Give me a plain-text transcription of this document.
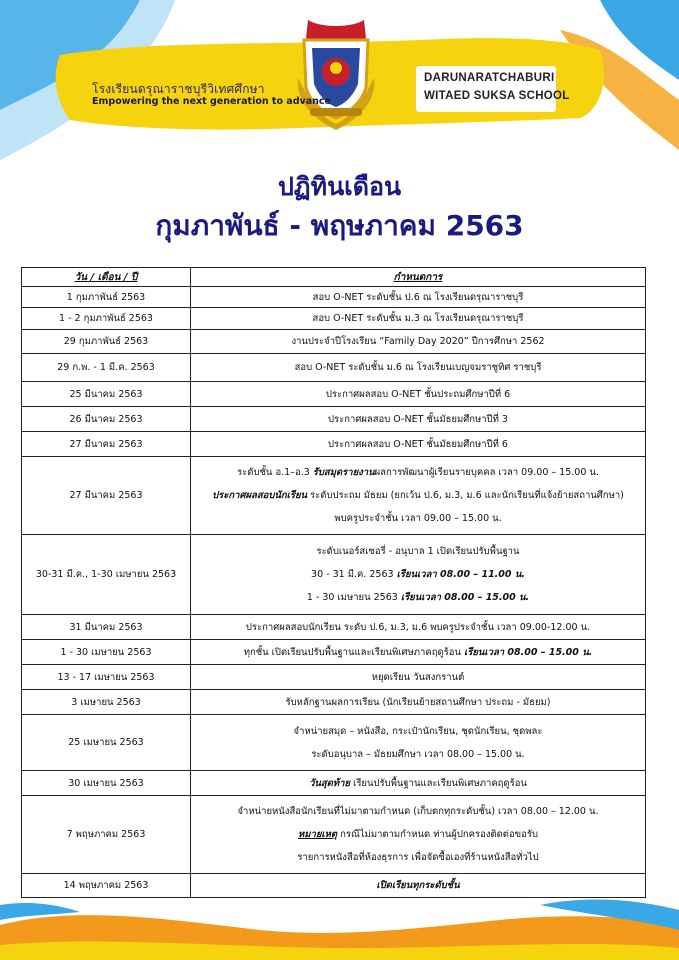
โรงเรียนดรุณาราชบุรีวิเทศศึกษา
Empowering the next generation to advance
DARUNARATCHABURI
WITAED SUKSA SCHOOL
ปฏิทินเดือน
กุมภาพันธ์ - พฤษภาคม 2563
วัน / เดือน / ปี	กำหนดการ
1 กุมภาพันธ์ 2563	สอบ O-NET ระดับชั้น ป.6 ณ โรงเรียนดรุณาราชบุรี
1 - 2 กุมภาพันธ์ 2563	สอบ O-NET ระดับชั้น ม.3 ณ โรงเรียนดรุณาราชบุรี
29 กุมภาพันธ์ 2563	งานประจำปีโรงเรียน “Family Day 2020” ปีการศึกษา 2562
29 ก.พ. - 1 มี.ค. 2563	สอบ O-NET ระดับชั้น ม.6 ณ โรงเรียนเบญจมราชูทิศ ราชบุรี
25 มีนาคม 2563	ประกาศผลสอบ O-NET ชั้นประถมศึกษาปีที่ 6
26 มีนาคม 2563	ประกาศผลสอบ O-NET ชั้นมัธยมศึกษาปีที่ 3
27 มีนาคม 2563	ประกาศผลสอบ O-NET ชั้นมัธยมศึกษาปีที่ 6
27 มีนาคม 2563	ระดับชั้น อ.1–อ.3 รับสมุดรายงานผลการพัฒนาผู้เรียนรายบุคคล เวลา 09.00 – 15.00 น.
ประกาศผลสอบนักเรียน ระดับประถม มัธยม (ยกเว้น ป.6, ม.3, ม.6 และนักเรียนที่แจ้งย้ายสถานศึกษา)
พบครูประจำชั้น เวลา 09.00 – 15.00 น.

30-31 มี.ค., 1-30 เมษายน 2563	ระดับเนอร์สเซอรี่ - อนุบาล 1 เปิดเรียนปรับพื้นฐาน
30 - 31 มี.ค. 2563 เรียนเวลา 08.00 – 11.00 น.
1 - 30 เมษายน 2563 เรียนเวลา 08.00 – 15.00 น.

31 มีนาคม 2563	ประกาศผลสอบนักเรียน ระดับ ป.6, ม.3, ม.6 พบครูประจำชั้น เวลา 09.00-12.00 น.
1 - 30 เมษายน 2563	ทุกชั้น เปิดเรียนปรับพื้นฐานและเรียนพิเศษภาคฤดูร้อน เรียนเวลา 08.00 – 15.00 น.
13 - 17 เมษายน 2563	หยุดเรียน วันสงกรานต์
3 เมษายน 2563	รับหลักฐานผลการเรียน (นักเรียนย้ายสถานศึกษา ประถม - มัธยม)
25 เมษายน 2563	จำหน่ายสมุด – หนังสือ, กระเป๋านักเรียน, ชุดนักเรียน, ชุดพละ
ระดับอนุบาล – มัธยมศึกษา เวลา 08.00 – 15.00 น.

30 เมษายน 2563	วันสุดท้าย เรียนปรับพื้นฐานและเรียนพิเศษภาคฤดูร้อน
7 พฤษภาคม 2563	จำหน่ายหนังสือนักเรียนที่ไม่มาตามกำหนด (เก็บตกทุกระดับชั้น) เวลา 08.00 – 12.00 น.
หมายเหตุ กรณีไม่มาตามกำหนด ท่านผู้ปกครองติดต่อขอรับ
รายการหนังสือที่ห้องธุรการ เพื่อจัดซื้อเองที่ร้านหนังสือทั่วไป

14 พฤษภาคม 2563	เปิดเรียนทุกระดับชั้น
